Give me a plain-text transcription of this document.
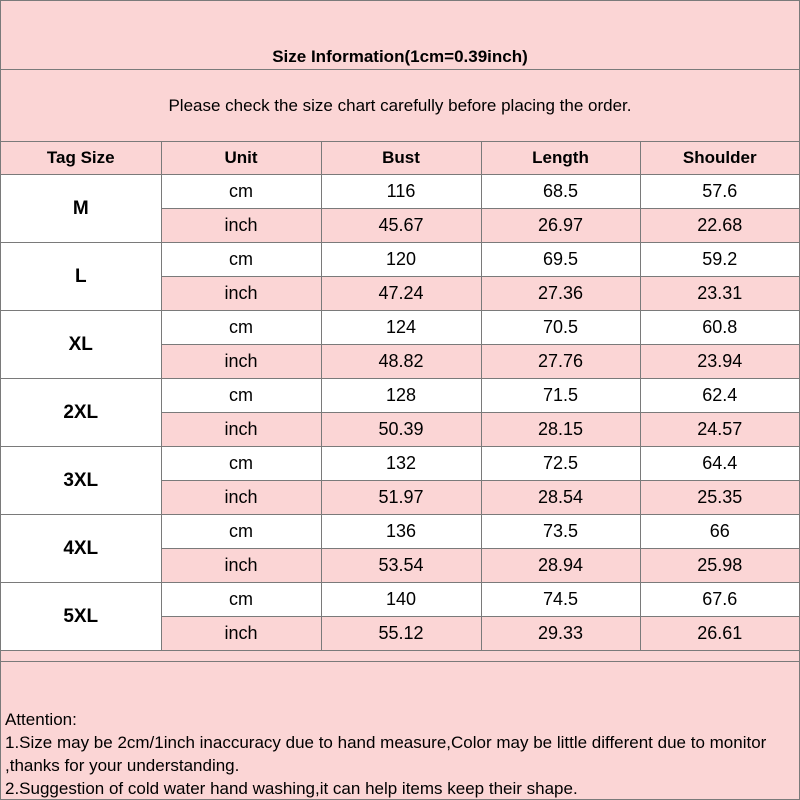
Size Information(1cm=0.39inch)
Please check the size chart carefully before placing the order.
Tag Size	Unit	Bust	Length	Shoulder
M	cm	116	68.5	57.6
	inch	45.67	26.97	22.68
L	cm	120	69.5	59.2
	inch	47.24	27.36	23.31
XL	cm	124	70.5	60.8
	inch	48.82	27.76	23.94
2XL	cm	128	71.5	62.4
	inch	50.39	28.15	24.57
3XL	cm	132	72.5	64.4
	inch	51.97	28.54	25.35
4XL	cm	136	73.5	66
	inch	53.54	28.94	25.98
5XL	cm	140	74.5	67.6
	inch	55.12	29.33	26.61
Attention:
1.Size may be 2cm/1inch inaccuracy due to hand measure,Color may be little different due to monitor ,thanks for your understanding.
2.Suggestion of cold water hand washing,it can help items keep their shape.
